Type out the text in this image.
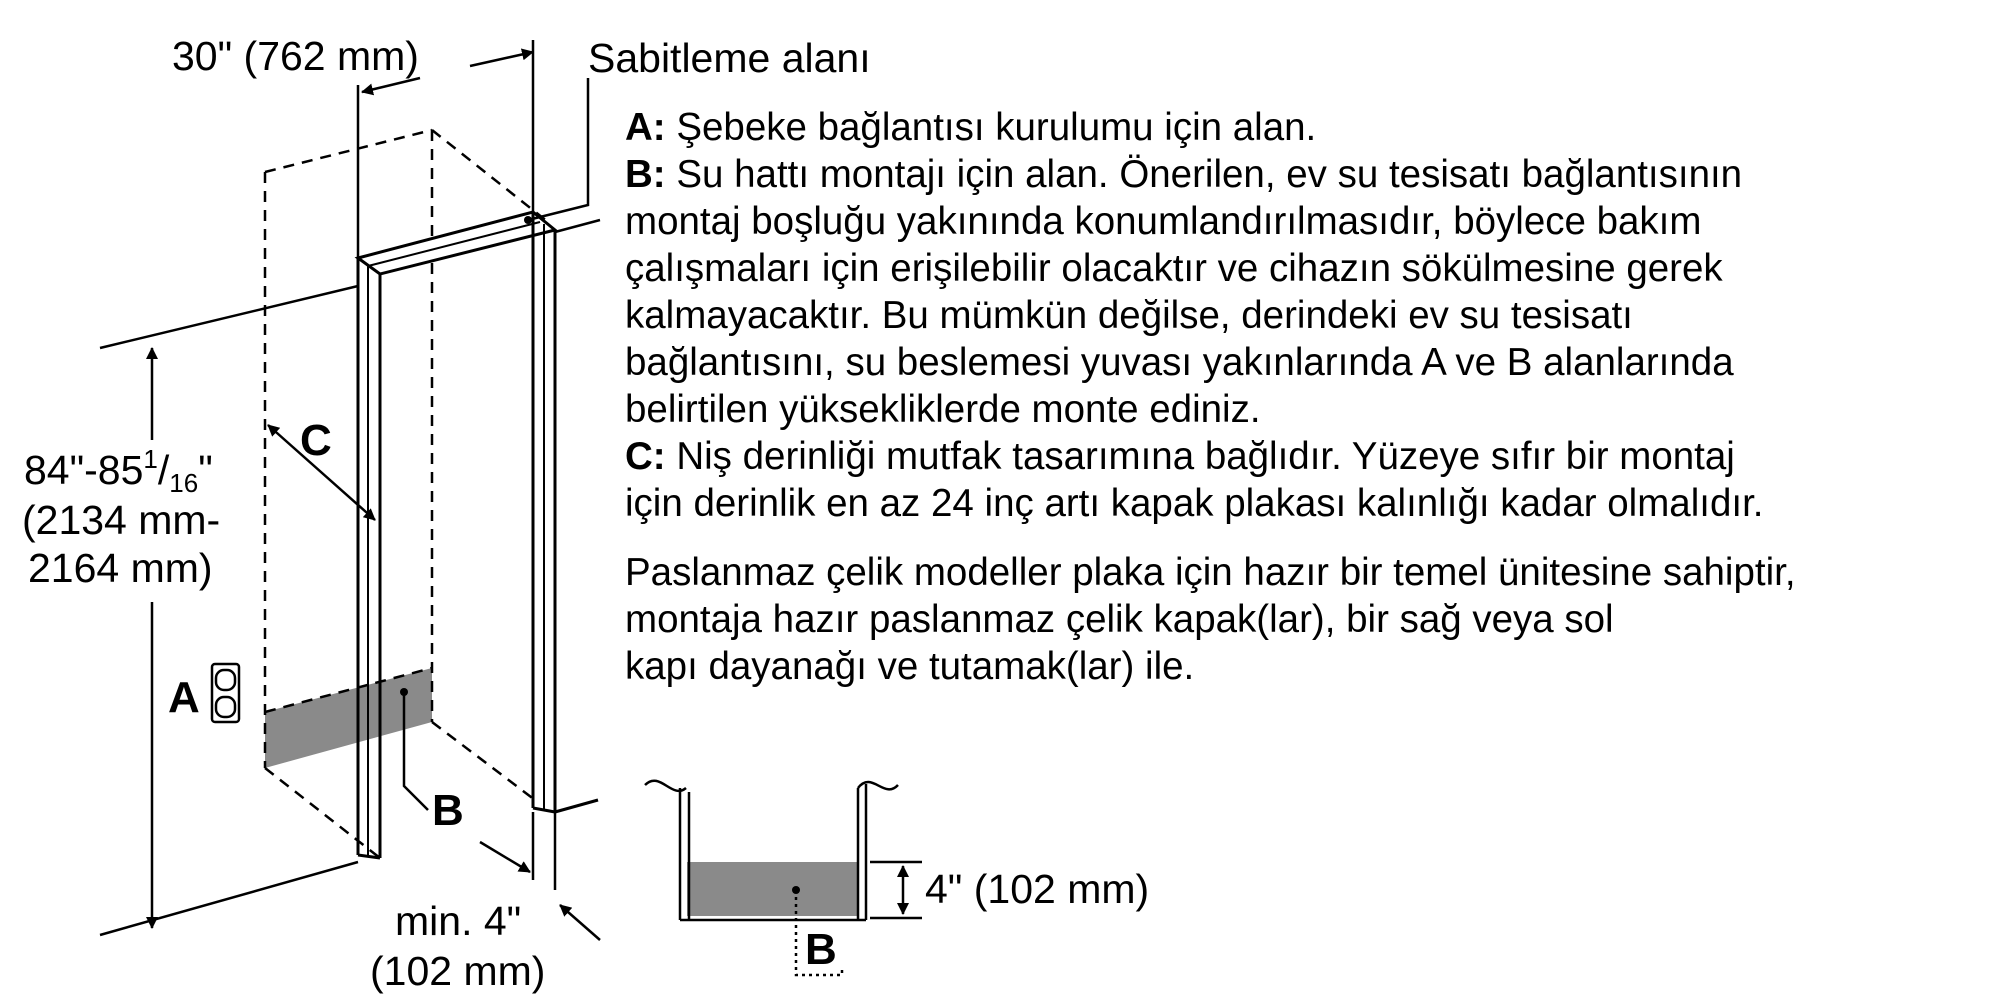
30" (762 mm)	Sabitleme alanı
$84"-85^1/16$"
(2134 mm-
2164 mm)
C
A
B
min. 4"
(102 mm)
4" (102 mm)
B

A: Şebeke bağlantısı kurulumu için alan.

B: Su hattı montajı için alan. Önerilen, ev su tesisatı bağlantısının

montaj boşluğu yakınında konumlandırılmasıdır, böylece bakım

çalışmaları için erişilebilir olacaktır ve cihazın sökülmesine gerek

kalmayacaktır. Bu mümkün değilse, derindeki ev su tesisatı

bağlantısını, su beslemesi yuvası yakınlarında A ve B alanlarında

belirtilen yüksekliklerde monte ediniz.

C: Niş derinliği mutfak tasarımına bağlıdır. Yüzeye sıfır bir montaj

için derinlik en az 24 inç artı kapak plakası kalınlığı kadar olmalıdır.

Paslanmaz çelik modeller plaka için hazır bir temel ünitesine sahiptir,

montaja hazır paslanmaz çelik kapak(lar), bir sağ veya sol

kapı dayanağı ve tutamak(lar) ile.
